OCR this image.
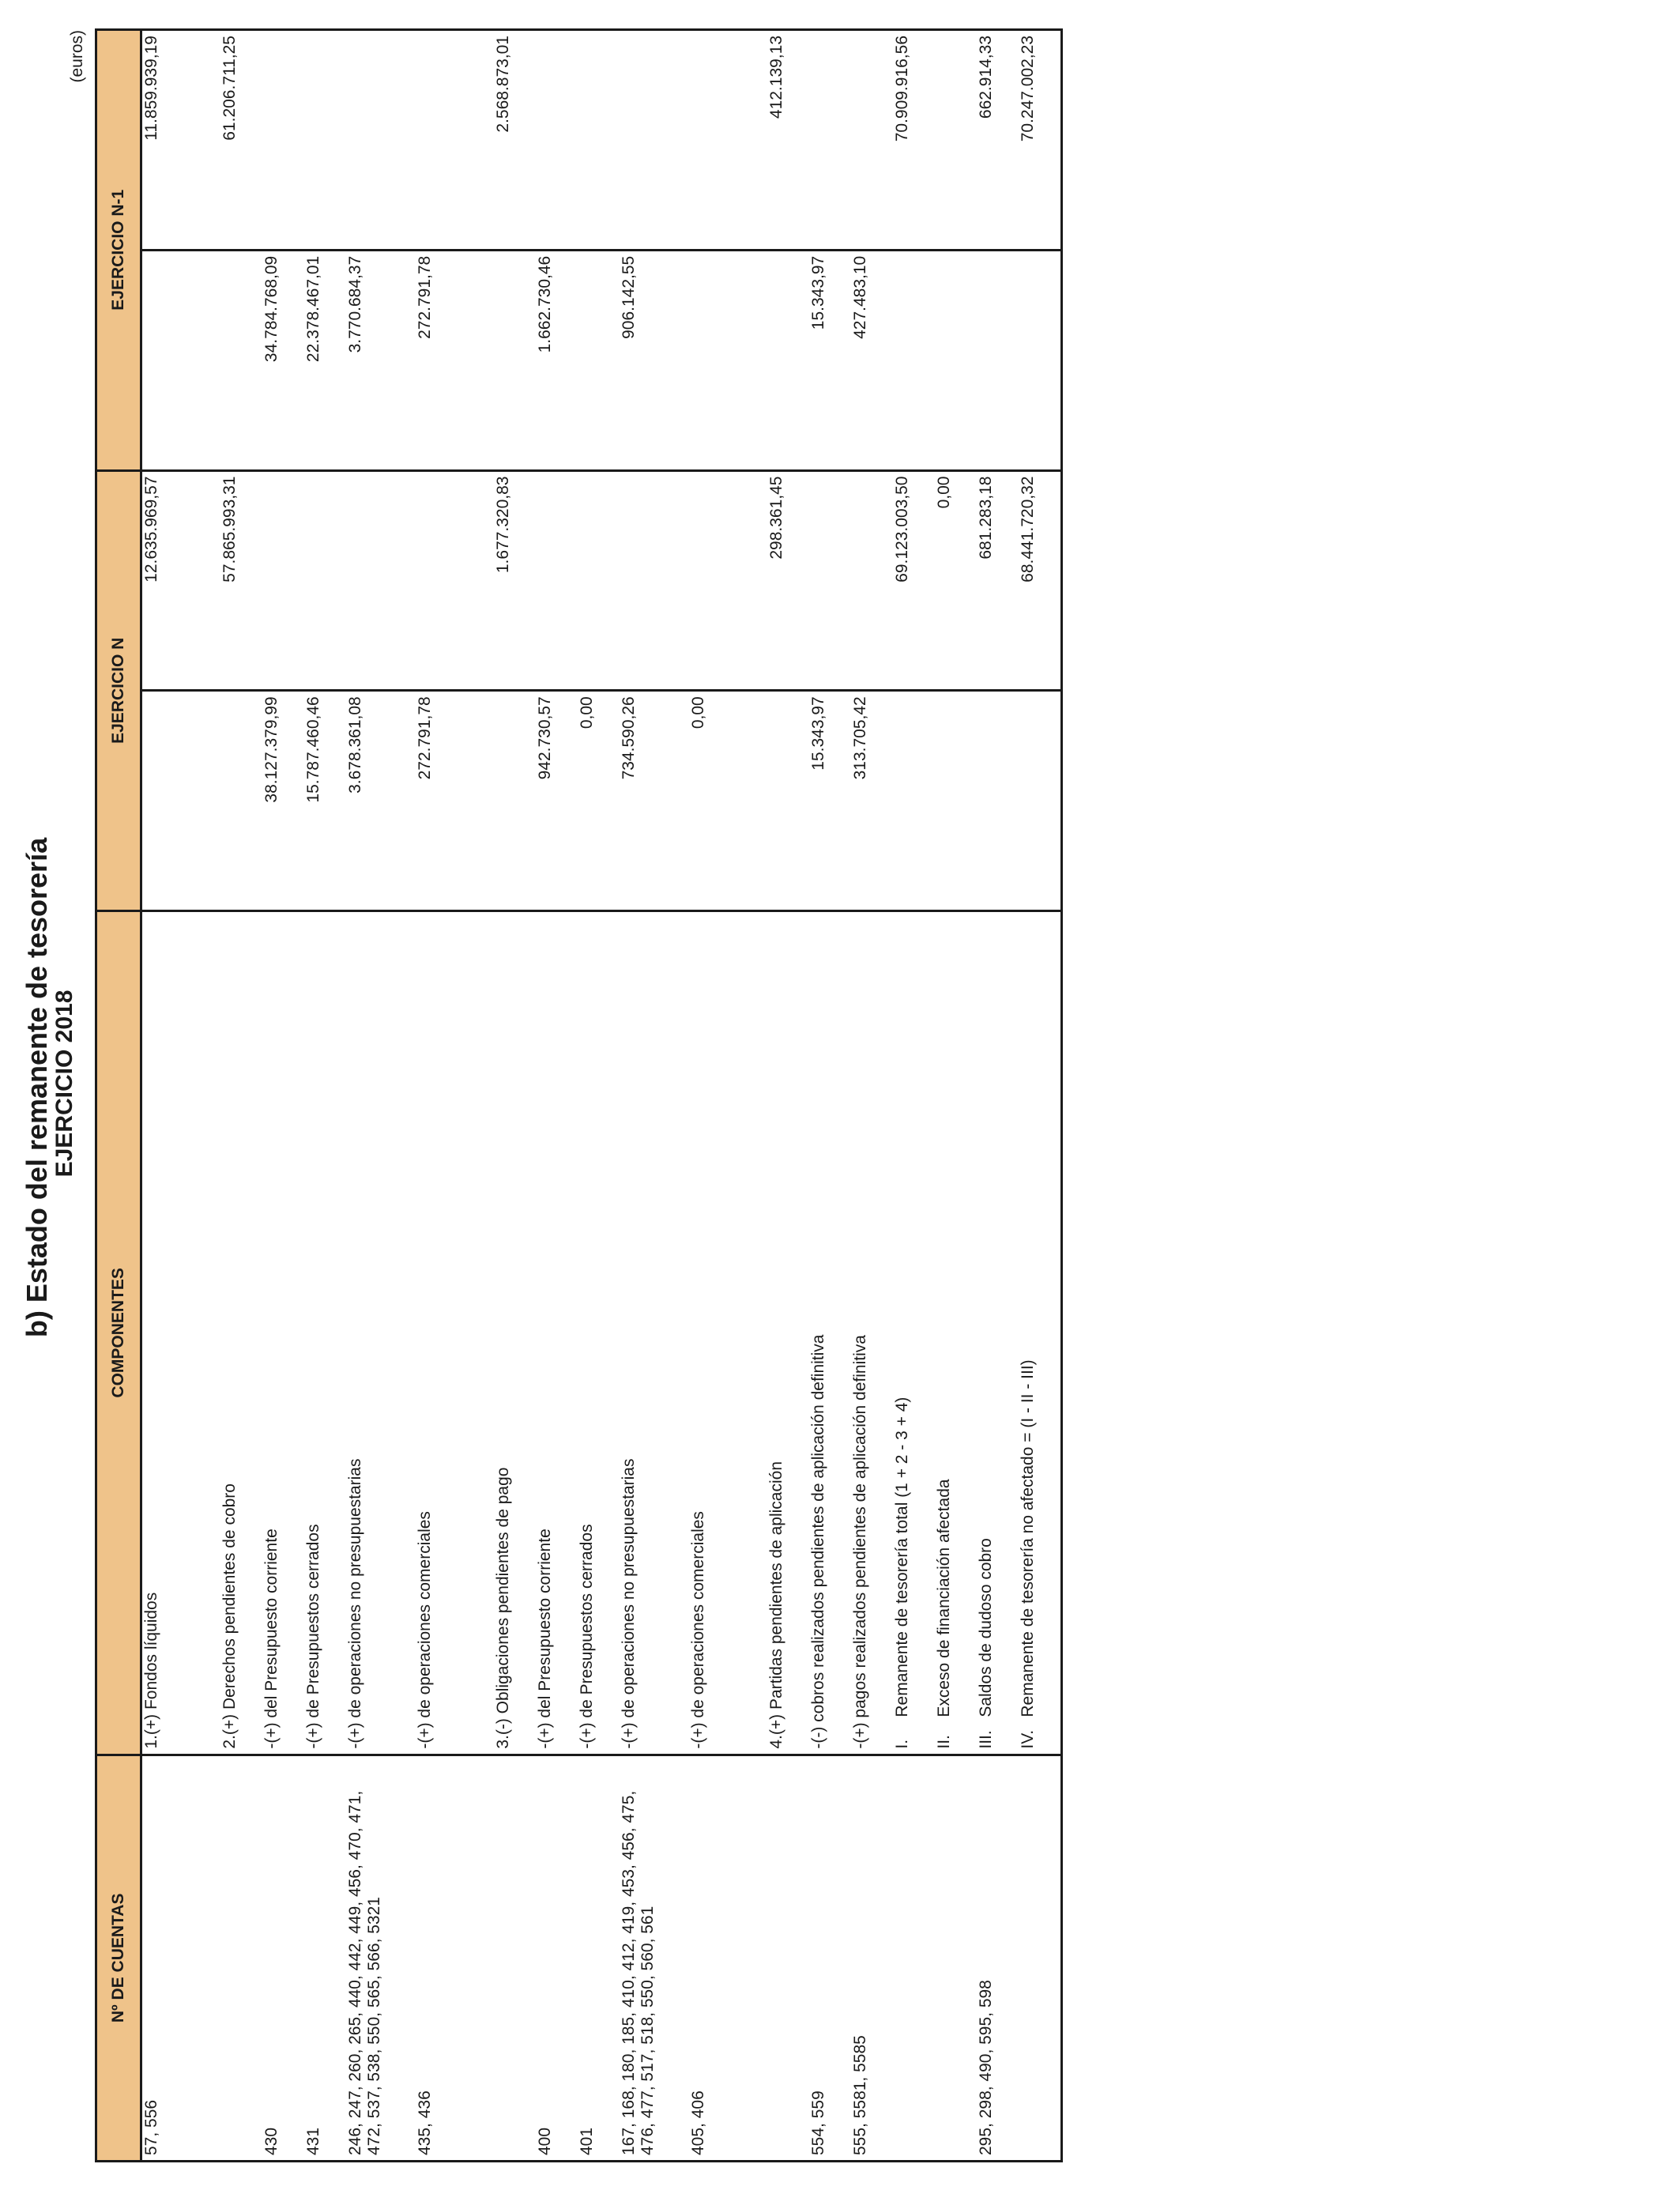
b) Estado del remanente de tesorería
EJERCICIO 2018
(euros)
Nº DE CUENTAS	COMPONENTES	EJERCICIO N		EJERCICIO N-1	
57, 556	1.(+) Fondos líquidos		12.635.969,57		11.859.939,19

	2.(+) Derechos pendientes de cobro		57.865.993,31		61.206.711,25
430	-(+) del Presupuesto corriente	38.127.379,99		34.784.768,09	
431	-(+) de Presupuestos cerrados	15.787.460,46		22.378.467,01	
246, 247, 260, 265, 440, 442, 449, 456, 470, 471, 472, 537, 538, 550, 565, 566, 5321	-(+) de operaciones no presupuestarias	3.678.361,08		3.770.684,37	
435, 436	-(+) de operaciones comerciales	272.791,78		272.791,78	

	3.(-) Obligaciones pendientes de pago		1.677.320,83		2.568.873,01
400	-(+) del Presupuesto corriente	942.730,57		1.662.730,46	
401	-(+) de Presupuestos cerrados	0,00			
167, 168, 180, 185, 410, 412, 419, 453, 456, 475, 476, 477, 517, 518, 550, 560, 561	-(+) de operaciones no presupuestarias	734.590,26		906.142,55	
405, 406	-(+) de operaciones comerciales	0,00			

	4.(+) Partidas pendientes de aplicación		298.361,45		412.139,13
554, 559	-(-) cobros realizados pendientes de aplicación definitiva	15.343,97		15.343,97	
555, 5581, 5585	-(+) pagos realizados pendientes de aplicación definitiva	313.705,42		427.483,10	
	I.Remanente de tesorería total (1 + 2 - 3 + 4)		69.123.003,50		70.909.916,56
	II.Exceso de financiación afectada		0,00		
295, 298, 490, 595, 598	III.Saldos de dudoso cobro		681.283,18		662.914,33
	IV.Remanente de tesorería no afectado = (I - II - III)		68.441.720,32		70.247.002,23
